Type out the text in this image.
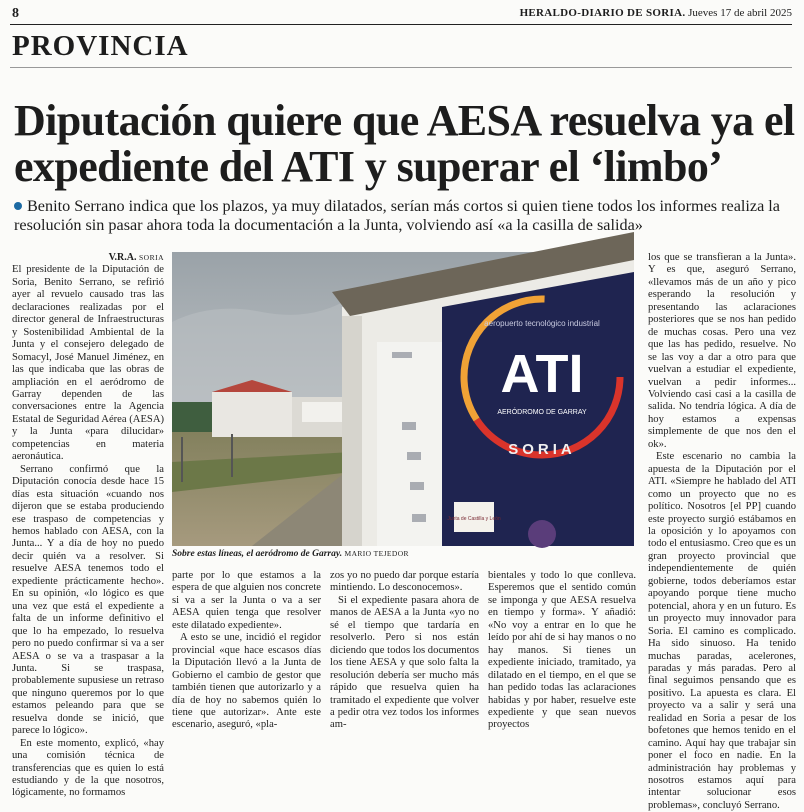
8	HERALDO-DIARIO DE SORIA. Jueves 17 de abril 2025
PROVINCIA
Diputación quiere que AESA resuelva ya el expediente del ATI y superar el ‘limbo’
Benito Serrano indica que los plazos, ya muy dilatados, serían más cortos si quien tiene todos los informes realiza la resolución sin pasar ahora toda la documentación a la Junta, volviendo así «a la casilla de salida»
V.R.A. SORIA

El presidente de la Diputación de Soria, Benito Serrano, se refirió ayer al revuelo causado tras las declaraciones realizadas por el director general de Infraestructuras y Sostenibilidad Ambiental de la Junta y el consejero delegado de Somacyl, José Manuel Jiménez, en las que indicaba que las obras de ampliación en el aeródromo de Garray dependen de las conversaciones entre la Agencia Estatal de Seguridad Aérea (AESA) y la Junta «para dilucidar» competencias en materia aeronáutica.

Serrano confirmó que la Diputación conocía desde hace 15 días esta situación «cuando nos dijeron que se estaba produciendo ese traspaso de competencias y hemos hablado con AESA, con la Junta... Y a día de hoy no puedo decir quién va a resolver. Si resuelve AESA tenemos todo el expediente prácticamente hecho». En su opinión, «lo lógico es que una vez que está el expediente a falta de un informe definitivo el que lo ha empezado, lo resuelva pero no puedo confirmar si va a ser AESA o se va a traspasar a la Junta. Si se traspasa, probablemente supusiese un retraso que ninguno queremos por lo que estamos peleando para que se resuelva donde se inició, que parece lo lógico».

En este momento, explicó, «hay una comisión técnica de transferencias que es quien lo está estudiando y de la que nosotros, lógicamente, no formamos

aeropuerto tecnológico industrial
ATI
AERÓDROMO DE GARRAY
SORIA
Junta de Castilla y León
Sobre estas líneas, el aeródromo de Garray. MARIO TEJEDOR

parte por lo que estamos a la espera de que alguien nos concrete si va a ser la Junta o va a ser AESA quien tenga que resolver este dilatado expediente».

A esto se une, incidió el regidor provincial «que hace escasos días la Diputación llevó a la Junta de Gobierno el cambio de gestor que también tienen que autorizarlo y a día de hoy no sabemos quién lo tiene que autorizar». Ante este escenario, aseguró, «pla-

zos yo no puedo dar porque estaría mintiendo. Lo desconocemos».

Si el expediente pasara ahora de manos de AESA a la Junta «yo no sé el tiempo que tardaría en resolverlo. Pero si nos están diciendo que todos los documentos los tiene AESA y que solo falta la resolución debería ser mucho más rápido que resuelva quien ha tramitado el expediente que volver a pedir otra vez todos los informes am-

bientales y todo lo que conlleva. Esperemos que el sentido común se imponga y que AESA resuelva en tiempo y forma». Y añadió: «No voy a entrar en lo que he leído por ahí de si hay manos o no hay manos. Si tienes un expediente iniciado, tramitado, ya dilatado en el tiempo, en el que se han pedido todas las aclaraciones habidas y por haber, resuelve este expediente y que sean nuevos proyectos

los que se transfieran a la Junta». Y es que, aseguró Serrano, «llevamos más de un año y pico esperando la resolución y presentando las aclaraciones posteriores que se nos han pedido de muchas cosas. Pero una vez que las has pedido, resuelve. No se las voy a dar a otro para que vuelvan a estudiar el expediente, vuelvan a pedir informes... Volviendo casi casi a la casilla de salida. No tendría lógica. A día de hoy estamos a expensas simplemente de que nos den el ok».

Este escenario no cambia la apuesta de la Diputación por el ATI. «Siempre he hablado del ATI como un proyecto que no es político. Nosotros [el PP] cuando este proyecto surgió estábamos en la oposición y lo apoyamos con todo el entusiasmo. Creo que es un gran proyecto provincial que independientemente de quién gobierne, todos deberíamos estar apoyando porque tiene mucho potencial, ahora y en un futuro. Es un proyecto muy innovador para Soria. El camino es complicado. Ha sido sinuoso. Ha tenido muchas paradas, acelerones, paradas y más paradas. Pero al final seguimos pensando que es positivo. La apuesta es clara. El proyecto va a salir y será una realidad en Soria a pesar de los bofetones que hemos tenido en el camino. Aquí hay que trabajar sin poner el foco en nadie. En la administración hay problemas y nosotros estamos aquí para intentar solucionar esos problemas», concluyó Serrano.
